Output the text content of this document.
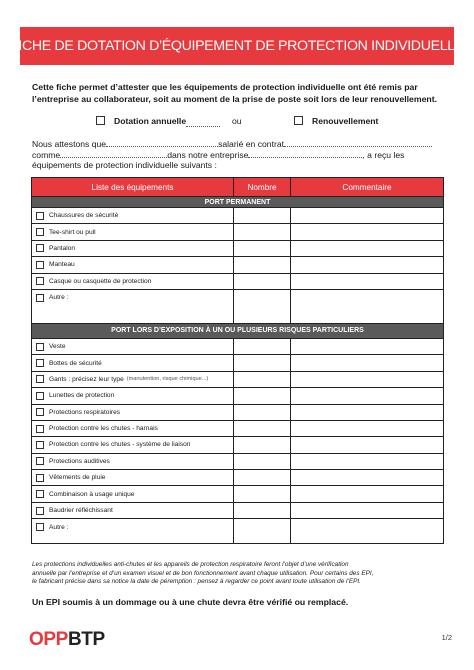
FICHE DE DOTATION D’ÉQUIPEMENT DE PROTECTION INDIVIDUELLE
Cette fiche permet d’attester que les équipements de protection individuelle ont été remis par
l’entreprise au collaborateur, soit au moment de la prise de poste soit lors de leur renouvellement.
Dotation annuelle	ou	Renouvellement
Nous attestons que	salarié en contrat
comme	dans notre entreprise	, a reçu les
équipements de protection individuelle suivants :
Liste des équipements	Nombre	Commentaire
PORT PERMANENT		

Chaussures de sécurité		

Tee-shirt ou pull		

Pantalon		

Manteau		

Casque ou casquette de protection		

Autre :		

PORT LORS D’EXPOSITION À UN OU PLUSIEURS RISQUES PARTICULIERS		

Veste		

Bottes de sécurité		

Gants : précisez leur type (manutention, risque chimique...)		

Lunettes de protection		

Protections respiratoires		

Protection contre les chutes - harnais		

Protection contre les chutes - système de liaison		

Protections auditives		

Vêtements de pluie		

Combinaison à usage unique		

Baudrier réfléchissant		

Autre :		

Les protections individuelles anti-chutes et les appareils de protection respiratoire feront l’objet d’une vérification
annuelle par l’entreprise et d’un examen visuel et de bon fonctionnement avant chaque utilisation. Pour certains des EPI,
le fabricant précise dans sa notice la date de péremption : pensez à regarder ce point avant toute utilisation de l’EPI.
Un EPI soumis à un dommage ou à une chute devra être vérifié ou remplacé.
OPPBTP	1/2
